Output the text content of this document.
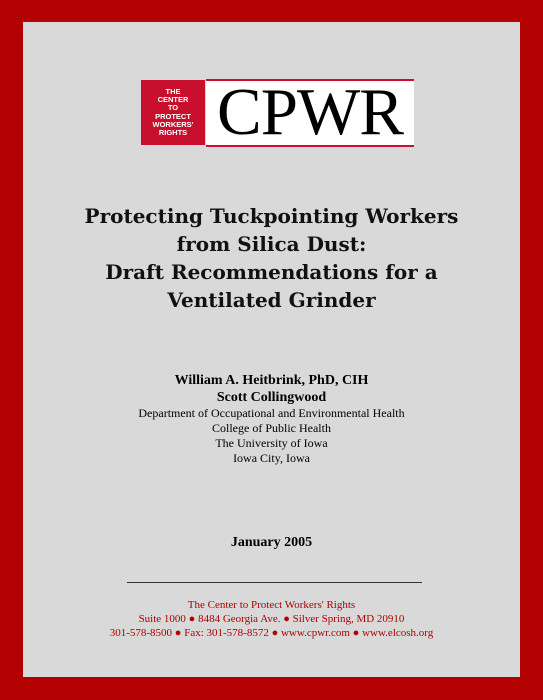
THE
CENTER
TO
PROTECT
WORKERS'
RIGHTS CPWR
Protecting Tuckpointing Workers
from Silica Dust:
Draft Recommendations for a
Ventilated Grinder
William A. Heitbrink, PhD, CIH
Scott Collingwood
Department of Occupational and Environmental Health
College of Public Health
The University of Iowa
Iowa City, Iowa
January 2005
The Center to Protect Workers' Rights
Suite 1000 ● 8484 Georgia Ave. ● Silver Spring, MD 20910
301-578-8500 ● Fax: 301-578-8572 ● www.cpwr.com ● www.elcosh.org
